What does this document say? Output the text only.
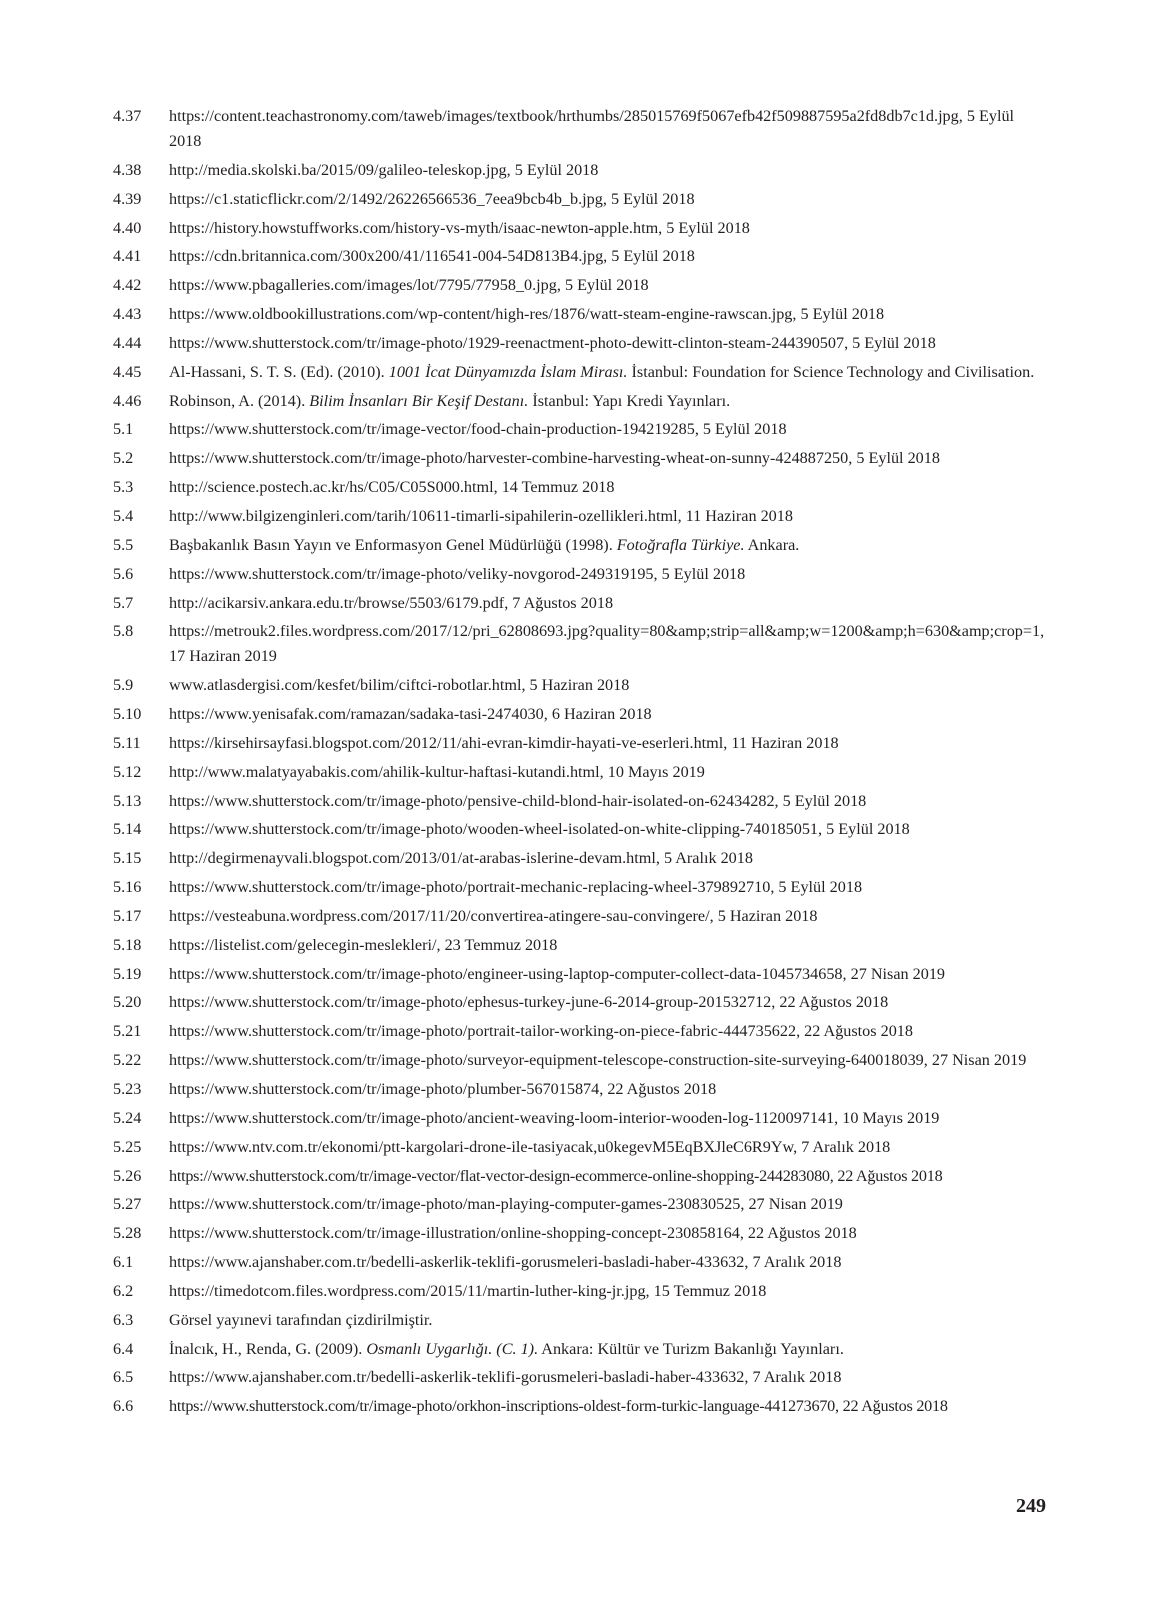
4.37	https://content.teachastronomy.com/taweb/images/textbook/hrthumbs/285015769f5067efb42f509887595a2fd8db7c1d.jpg, 5 Eylül 2018
4.38	http://media.skolski.ba/2015/09/galileo-teleskop.jpg, 5 Eylül 2018
4.39	https://c1.staticflickr.com/2/1492/26226566536_7eea9bcb4b_b.jpg, 5 Eylül 2018
4.40	https://history.howstuffworks.com/history-vs-myth/isaac-newton-apple.htm, 5 Eylül 2018
4.41	https://cdn.britannica.com/300x200/41/116541-004-54D813B4.jpg, 5 Eylül 2018
4.42	https://www.pbagalleries.com/images/lot/7795/77958_0.jpg, 5 Eylül 2018
4.43	https://www.oldbookillustrations.com/wp-content/high-res/1876/watt-steam-engine-rawscan.jpg, 5 Eylül 2018
4.44	https://www.shutterstock.com/tr/image-photo/1929-reenactment-photo-dewitt-clinton-steam-244390507, 5 Eylül 2018
4.45	Al-Hassani, S. T. S. (Ed). (2010). 1001 İcat Dünyamızda İslam Mirası. İstanbul: Foundation for Science Technology and Civilisation.
4.46	Robinson, A. (2014). Bilim İnsanları Bir Keşif Destanı. İstanbul: Yapı Kredi Yayınları.
5.1	https://www.shutterstock.com/tr/image-vector/food-chain-production-194219285, 5 Eylül 2018
5.2	https://www.shutterstock.com/tr/image-photo/harvester-combine-harvesting-wheat-on-sunny-424887250, 5 Eylül 2018
5.3	http://science.postech.ac.kr/hs/C05/C05S000.html, 14 Temmuz 2018
5.4	http://www.bilgizenginleri.com/tarih/10611-timarli-sipahilerin-ozellikleri.html, 11 Haziran 2018
5.5	Başbakanlık Basın Yayın ve Enformasyon Genel Müdürlüğü (1998). Fotoğrafla Türkiye. Ankara.
5.6	https://www.shutterstock.com/tr/image-photo/veliky-novgorod-249319195, 5 Eylül 2018
5.7	http://acikarsiv.ankara.edu.tr/browse/5503/6179.pdf, 7 Ağustos 2018
5.8	https://metrouk2.files.wordpress.com/2017/12/pri_62808693.jpg?quality=80&amp;strip=all&amp;w=1200&amp;h=630&amp;crop=1, 17 Haziran 2019
5.9	www.atlasdergisi.com/kesfet/bilim/ciftci-robotlar.html, 5 Haziran 2018
5.10	https://www.yenisafak.com/ramazan/sadaka-tasi-2474030, 6 Haziran 2018
5.11	https://kirsehirsayfasi.blogspot.com/2012/11/ahi-evran-kimdir-hayati-ve-eserleri.html, 11 Haziran 2018
5.12	http://www.malatyayabakis.com/ahilik-kultur-haftasi-kutandi.html, 10 Mayıs 2019
5.13	https://www.shutterstock.com/tr/image-photo/pensive-child-blond-hair-isolated-on-62434282, 5 Eylül 2018
5.14	https://www.shutterstock.com/tr/image-photo/wooden-wheel-isolated-on-white-clipping-740185051, 5 Eylül 2018
5.15	http://degirmenayvali.blogspot.com/2013/01/at-arabas-islerine-devam.html, 5 Aralık 2018
5.16	https://www.shutterstock.com/tr/image-photo/portrait-mechanic-replacing-wheel-379892710, 5 Eylül 2018
5.17	https://vesteabuna.wordpress.com/2017/11/20/convertirea-atingere-sau-convingere/, 5 Haziran 2018
5.18	https://listelist.com/gelecegin-meslekleri/, 23 Temmuz 2018
5.19	https://www.shutterstock.com/tr/image-photo/engineer-using-laptop-computer-collect-data-1045734658, 27 Nisan 2019
5.20	https://www.shutterstock.com/tr/image-photo/ephesus-turkey-june-6-2014-group-201532712, 22 Ağustos 2018
5.21	https://www.shutterstock.com/tr/image-photo/portrait-tailor-working-on-piece-fabric-444735622, 22 Ağustos 2018
5.22	https://www.shutterstock.com/tr/image-photo/surveyor-equipment-telescope-construction-site-surveying-640018039, 27 Nisan 2019
5.23	https://www.shutterstock.com/tr/image-photo/plumber-567015874, 22 Ağustos 2018
5.24	https://www.shutterstock.com/tr/image-photo/ancient-weaving-loom-interior-wooden-log-1120097141, 10 Mayıs 2019
5.25	https://www.ntv.com.tr/ekonomi/ptt-kargolari-drone-ile-tasiyacak,u0kegevM5EqBXJleC6R9Yw, 7 Aralık 2018
5.26	https://www.shutterstock.com/tr/image-vector/flat-vector-design-ecommerce-online-shopping-244283080, 22 Ağustos 2018
5.27	https://www.shutterstock.com/tr/image-photo/man-playing-computer-games-230830525, 27 Nisan 2019
5.28	https://www.shutterstock.com/tr/image-illustration/online-shopping-concept-230858164, 22 Ağustos 2018
6.1	https://www.ajanshaber.com.tr/bedelli-askerlik-teklifi-gorusmeleri-basladi-haber-433632, 7 Aralık 2018
6.2	https://timedotcom.files.wordpress.com/2015/11/martin-luther-king-jr.jpg, 15 Temmuz 2018
6.3	Görsel yayınevi tarafından çizdirilmiştir.
6.4	İnalcık, H., Renda, G. (2009). Osmanlı Uygarlığı. (C. 1). Ankara: Kültür ve Turizm Bakanlığı Yayınları.
6.5	https://www.ajanshaber.com.tr/bedelli-askerlik-teklifi-gorusmeleri-basladi-haber-433632, 7 Aralık 2018
6.6	https://www.shutterstock.com/tr/image-photo/orkhon-inscriptions-oldest-form-turkic-language-441273670, 22 Ağustos 2018
249
